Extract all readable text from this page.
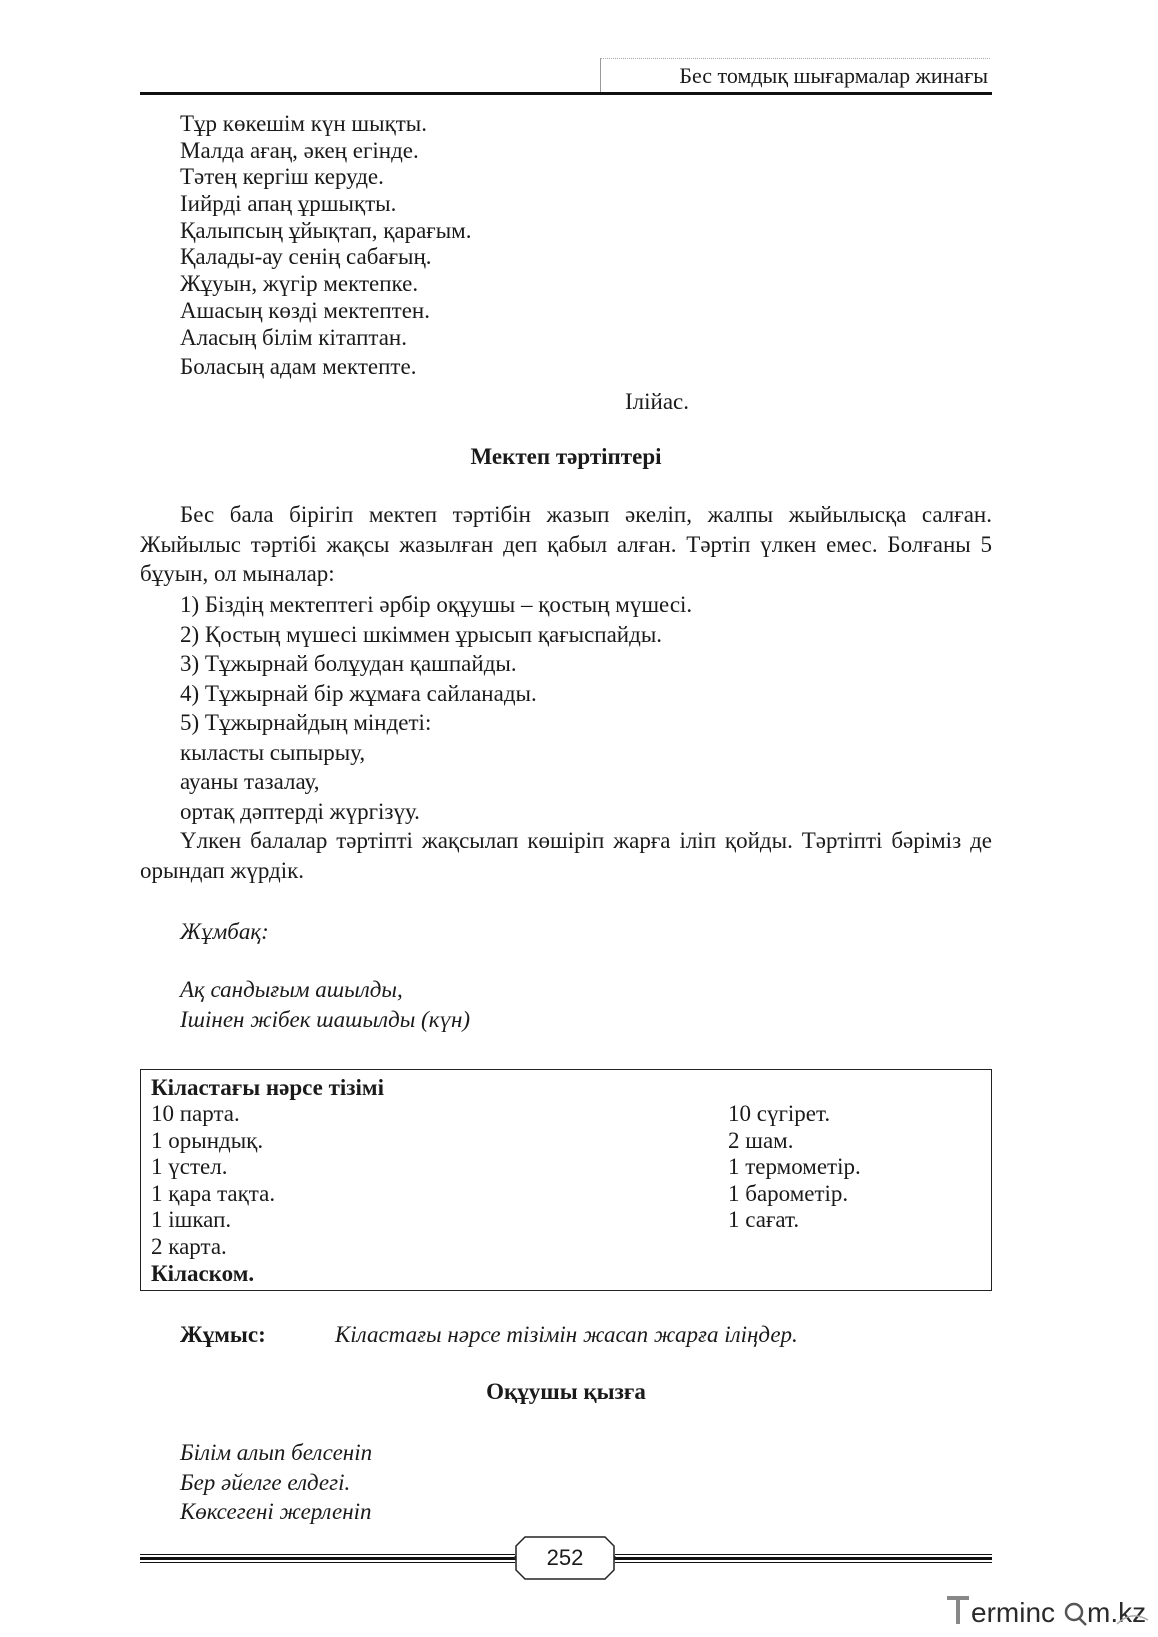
Бес томдық шығармалар жинағы
Тұр көкешім күн шықты.
Малда ағаң, әкең егінде.
Тәтең кергіш керуде.
Іийрді апаң ұршықты.
Қалыпсың ұйықтап, қарағым.
Қалады-ау сенің сабағың.
Жұуын, жүгір мектепке.
Ашасың көзді мектептен.
Аласың білім кітаптан.
Боласың адам мектепте.
Ілійас.
Мектеп тәртіптері
Бес бала бірігіп мектеп тәртібін жазып әкеліп, жалпы жыйылысқа салған. Жыйылыс тәртібі жақсы жазылған деп қабыл алған. Тәртіп үлкен емес. Болғаны 5 бұуын, ол мыналар:
1) Біздің мектептегі әрбір оқұушы – қостың мүшесі.
2) Қостың мүшесі шкіммен ұрысып қағыспайды.
3) Тұжырнай болұудан қашпайды.
4) Тұжырнай бір жұмаға сайланады.
5) Тұжырнайдың міндеті:
кыласты сыпырыу,
ауаны тазалау,
ортақ дәптерді жүргізүу.
Үлкен балалар тәртіпті жақсылап көшіріп жарға іліп қойды. Тәртіпті бәріміз де орындап жүрдік.
Жұмбақ:
Ақ сандығым ашылды,
Ішінен жібек шашылды (күн)
Кіластағы нәрсе тізімі
10 парта.
1 орындық.
1 үстел.
1 қара тақта.
1 ішкап.
2 карта.
10 сүгірет.
2 шам.
1 термометір.
1 барометір.
1 сағат.
Кіласком.
Жұмыс:	Кіластағы нәрсе тізімін жасап жарға іліңдер.
Оқұушы қызға
Білім алып белсеніп
Бер әйелге елдегі.
Көксегені жерленіп
252
erminc m.kz
